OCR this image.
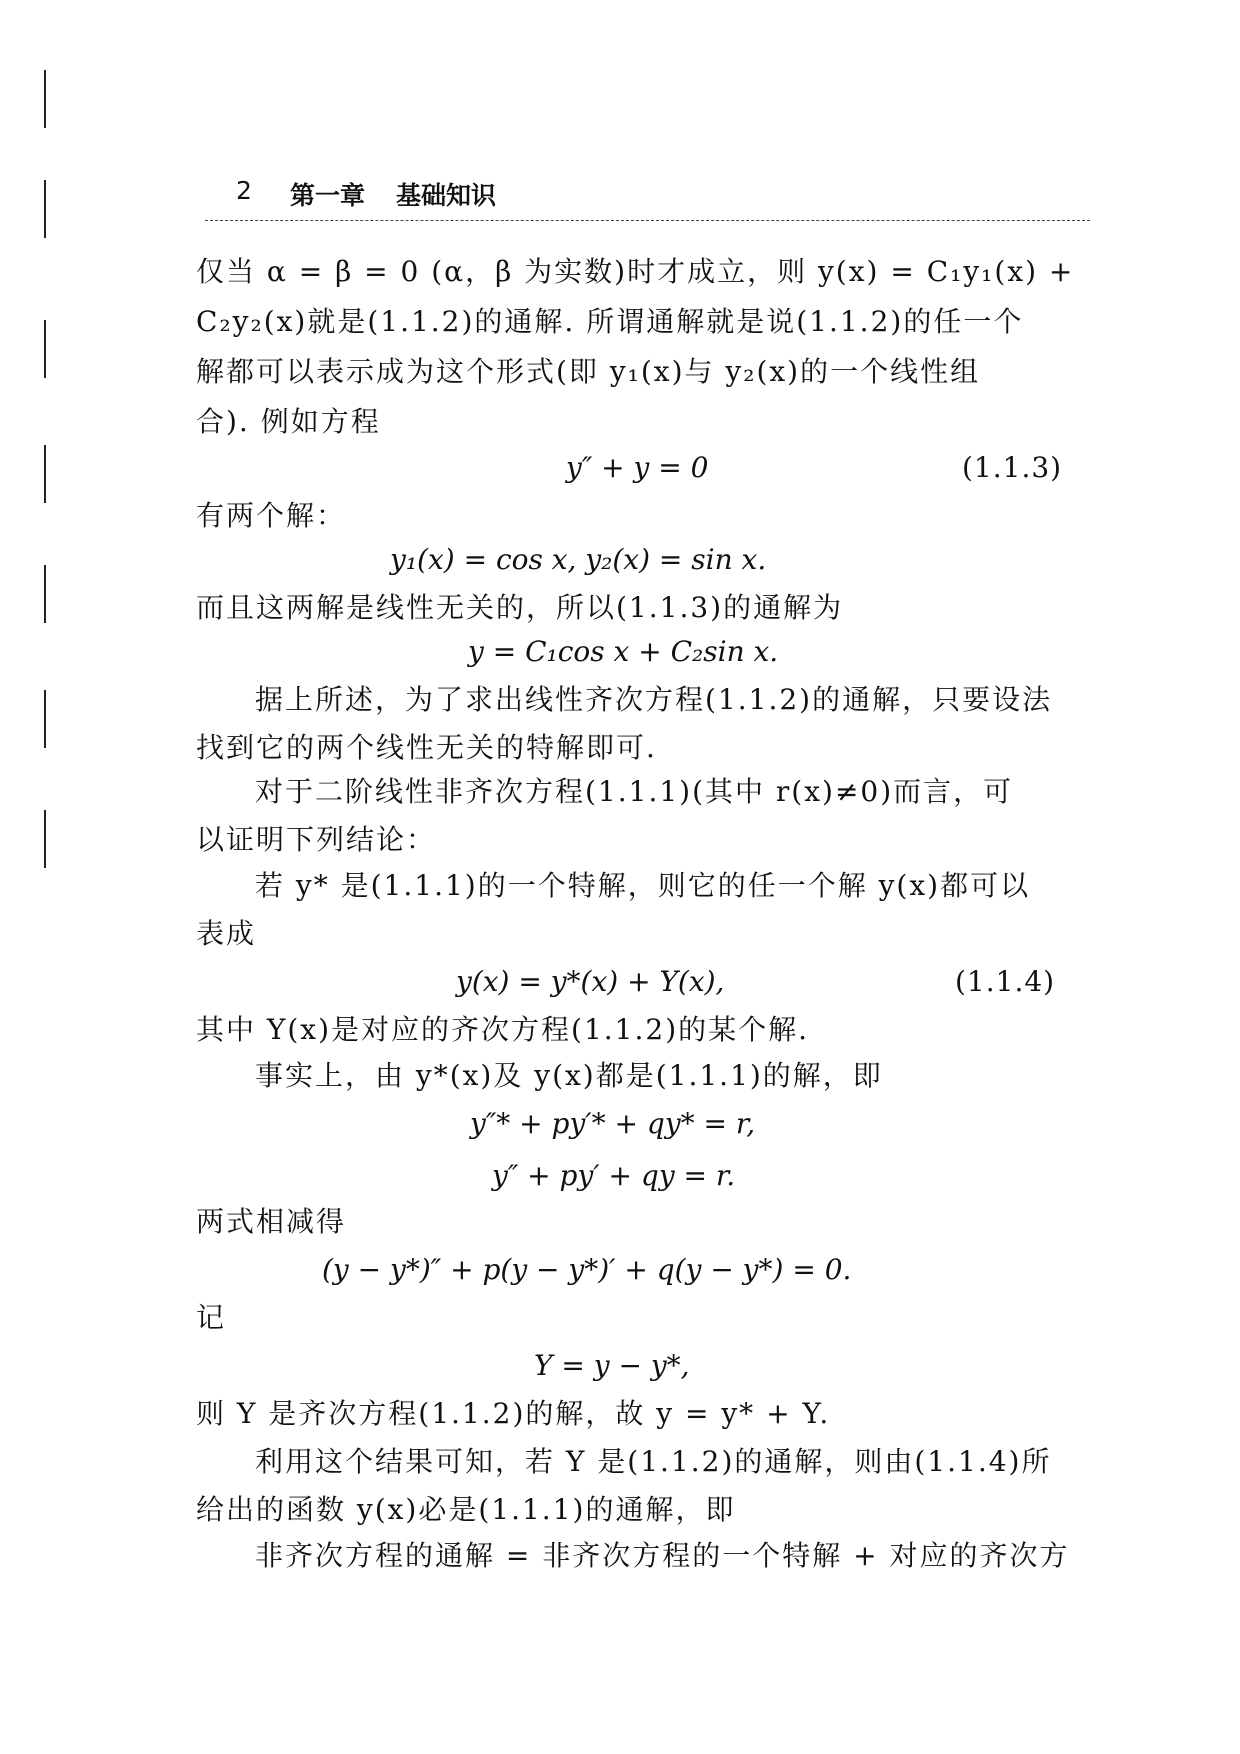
2 第一章 基础知识
仅当 α = β = 0 (α，β 为实数)时才成立，则 y(x) = C₁y₁(x) +
C₂y₂(x)就是(1.1.2)的通解. 所谓通解就是说(1.1.2)的任一个
解都可以表示成为这个形式(即 y₁(x)与 y₂(x)的一个线性组
合). 例如方程
y″ + y = 0	(1.1.3)
有两个解：
y₁(x) = cos x, y₂(x) = sin x.
而且这两解是线性无关的，所以(1.1.3)的通解为
y = C₁cos x + C₂sin x.
据上所述，为了求出线性齐次方程(1.1.2)的通解，只要设法
找到它的两个线性无关的特解即可.
对于二阶线性非齐次方程(1.1.1)(其中 r(x)≠0)而言，可
以证明下列结论：
若 y* 是(1.1.1)的一个特解，则它的任一个解 y(x)都可以
表成
y(x) = y*(x) + Y(x),	(1.1.4)
其中 Y(x)是对应的齐次方程(1.1.2)的某个解.
事实上，由 y*(x)及 y(x)都是(1.1.1)的解，即
y″* + py′* + qy* = r,
y″ + py′ + qy = r.
两式相减得
(y − y*)″ + p(y − y*)′ + q(y − y*) = 0.
记
Y = y − y*,
则 Y 是齐次方程(1.1.2)的解，故 y = y* + Y.
利用这个结果可知，若 Y 是(1.1.2)的通解，则由(1.1.4)所
给出的函数 y(x)必是(1.1.1)的通解，即
非齐次方程的通解 = 非齐次方程的一个特解 + 对应的齐次方
